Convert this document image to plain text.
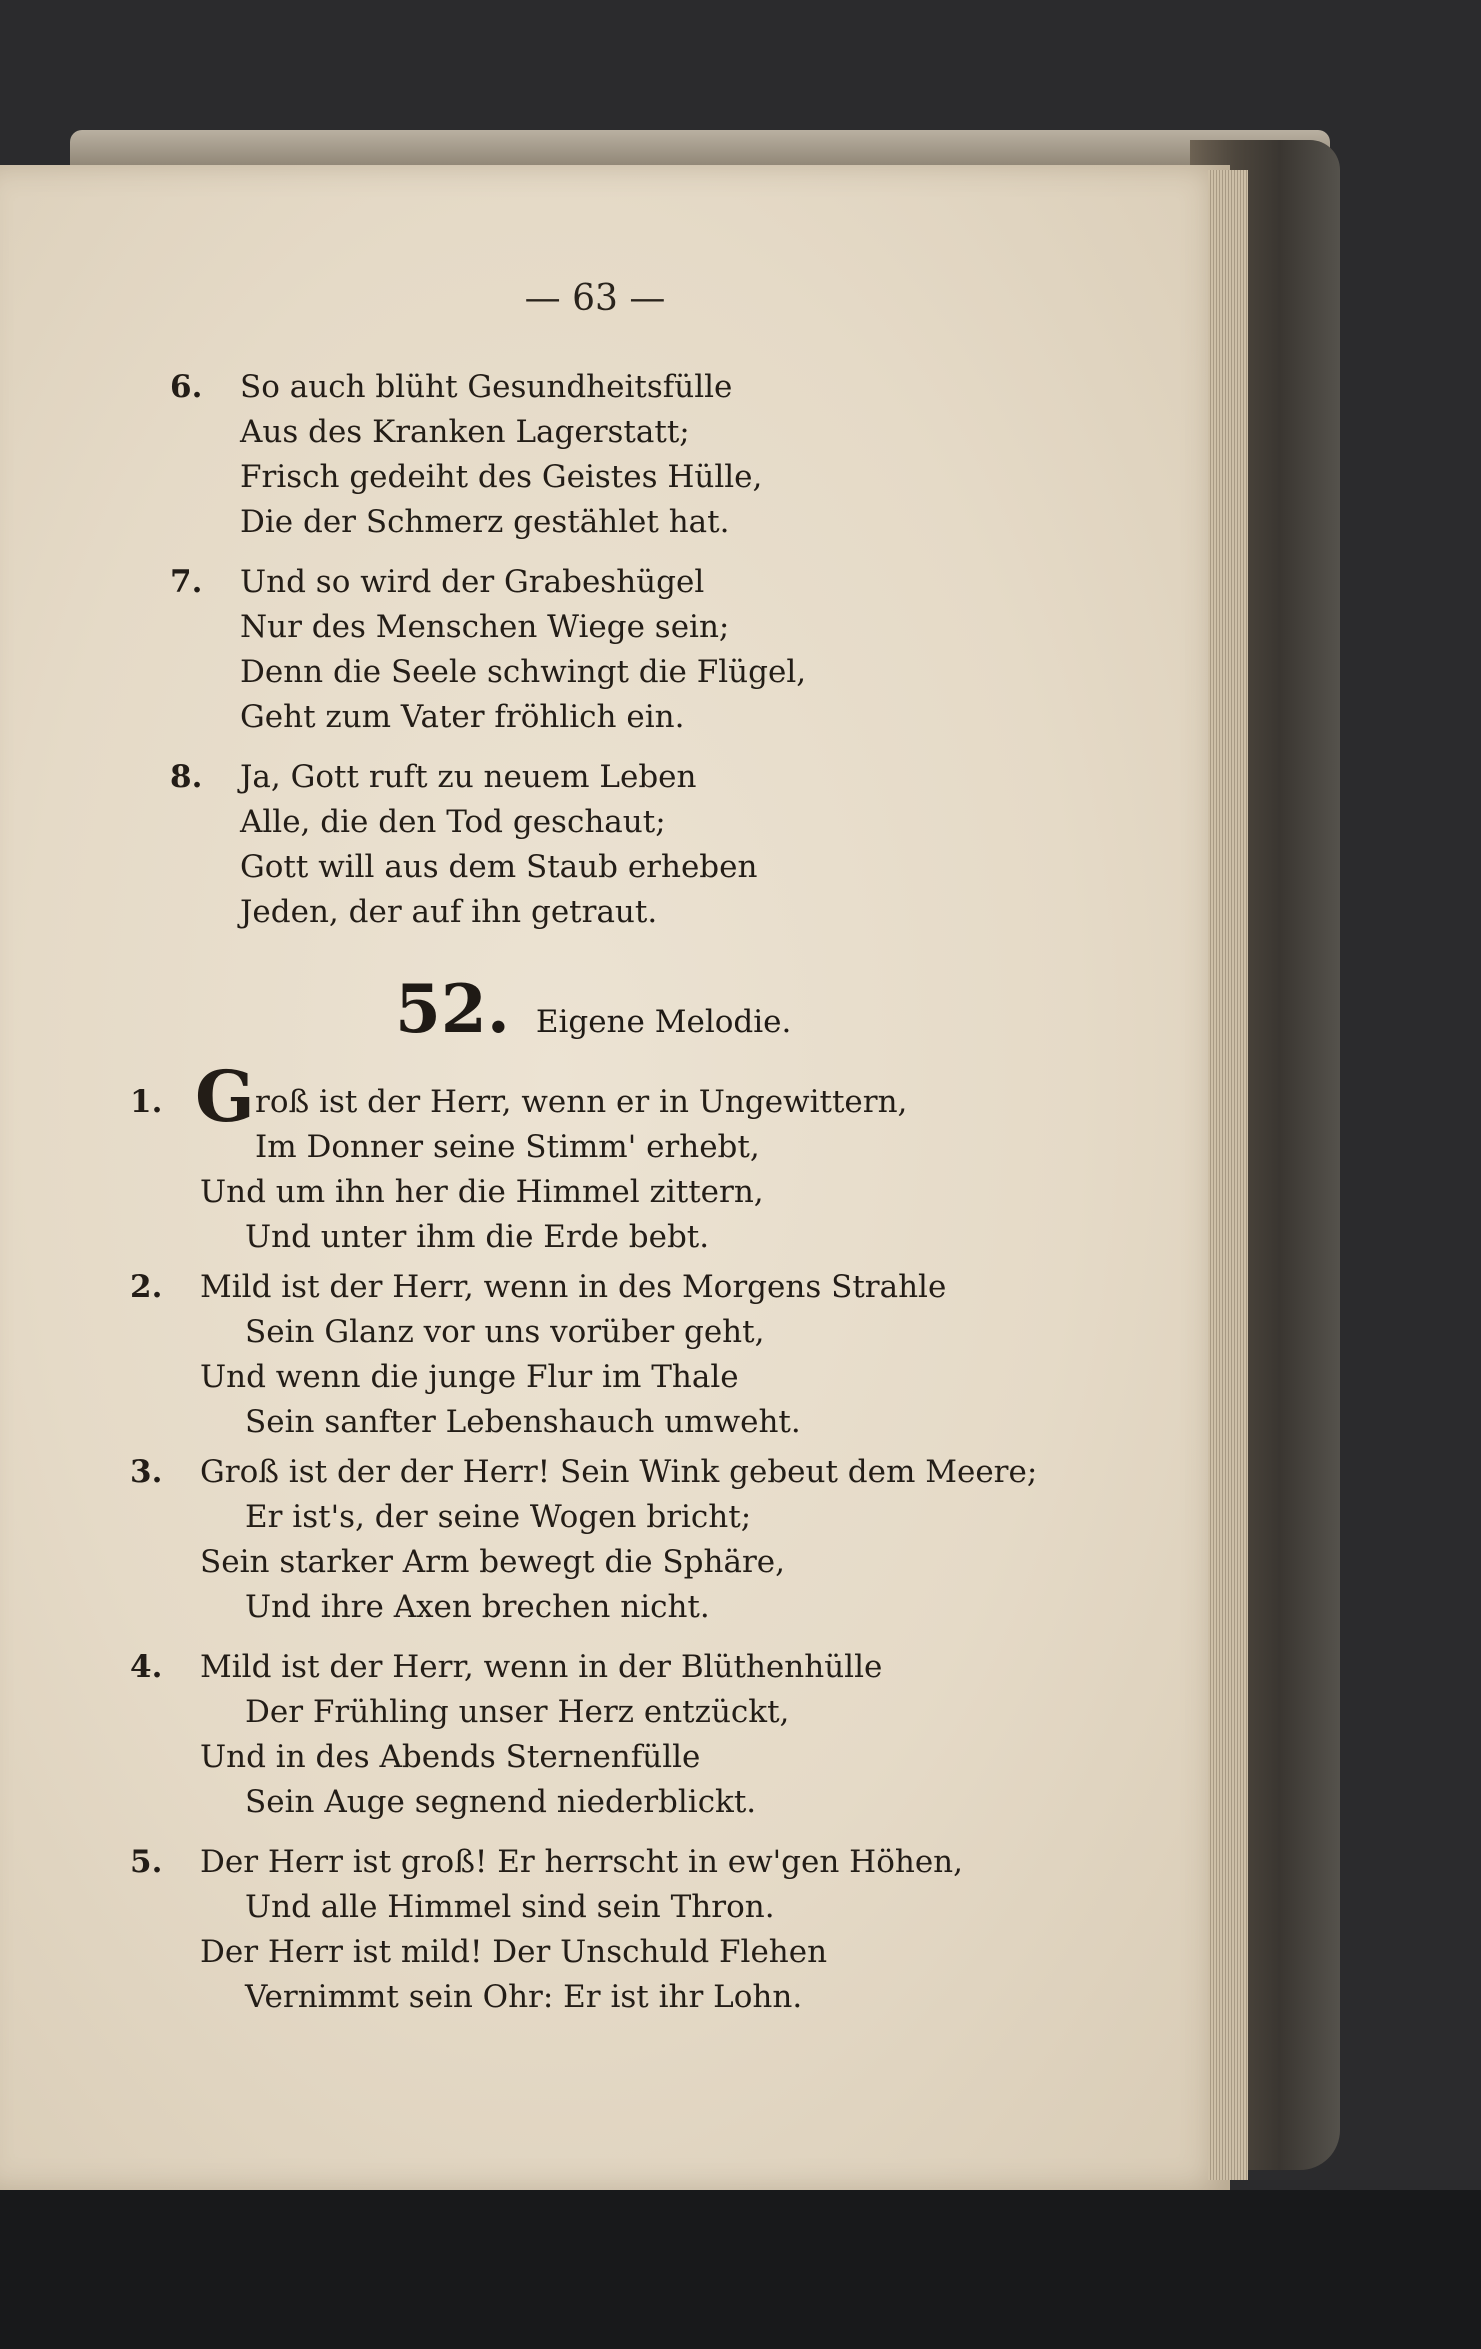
— 63 —
6. So auch blüht Gesundheitsfülle
Aus des Kranken Lagerstatt;
Frisch gedeiht des Geistes Hülle,
Die der Schmerz gestählet hat.
7. Und so wird der Grabeshügel
Nur des Menschen Wiege sein;
Denn die Seele schwingt die Flügel,
Geht zum Vater fröhlich ein.
8. Ja, Gott ruft zu neuem Leben
Alle, die den Tod geschaut;
Gott will aus dem Staub erheben
Jeden, der auf ihn getraut.
52. Eigene Melodie.
1. G roß ist der Herr, wenn er in Ungewittern,
Im Donner seine Stimm' erhebt,
Und um ihn her die Himmel zittern,
Und unter ihm die Erde bebt.
2. Mild ist der Herr, wenn in des Morgens Strahle
Sein Glanz vor uns vorüber geht,
Und wenn die junge Flur im Thale
Sein sanfter Lebenshauch umweht.
3. Groß ist der der Herr! Sein Wink gebeut dem Meere;
Er ist's, der seine Wogen bricht;
Sein starker Arm bewegt die Sphäre,
Und ihre Axen brechen nicht.
4. Mild ist der Herr, wenn in der Blüthenhülle
Der Frühling unser Herz entzückt,
Und in des Abends Sternenfülle
Sein Auge segnend niederblickt.
5. Der Herr ist groß! Er herrscht in ew'gen Höhen,
Und alle Himmel sind sein Thron.
Der Herr ist mild! Der Unschuld Flehen
Vernimmt sein Ohr: Er ist ihr Lohn.
